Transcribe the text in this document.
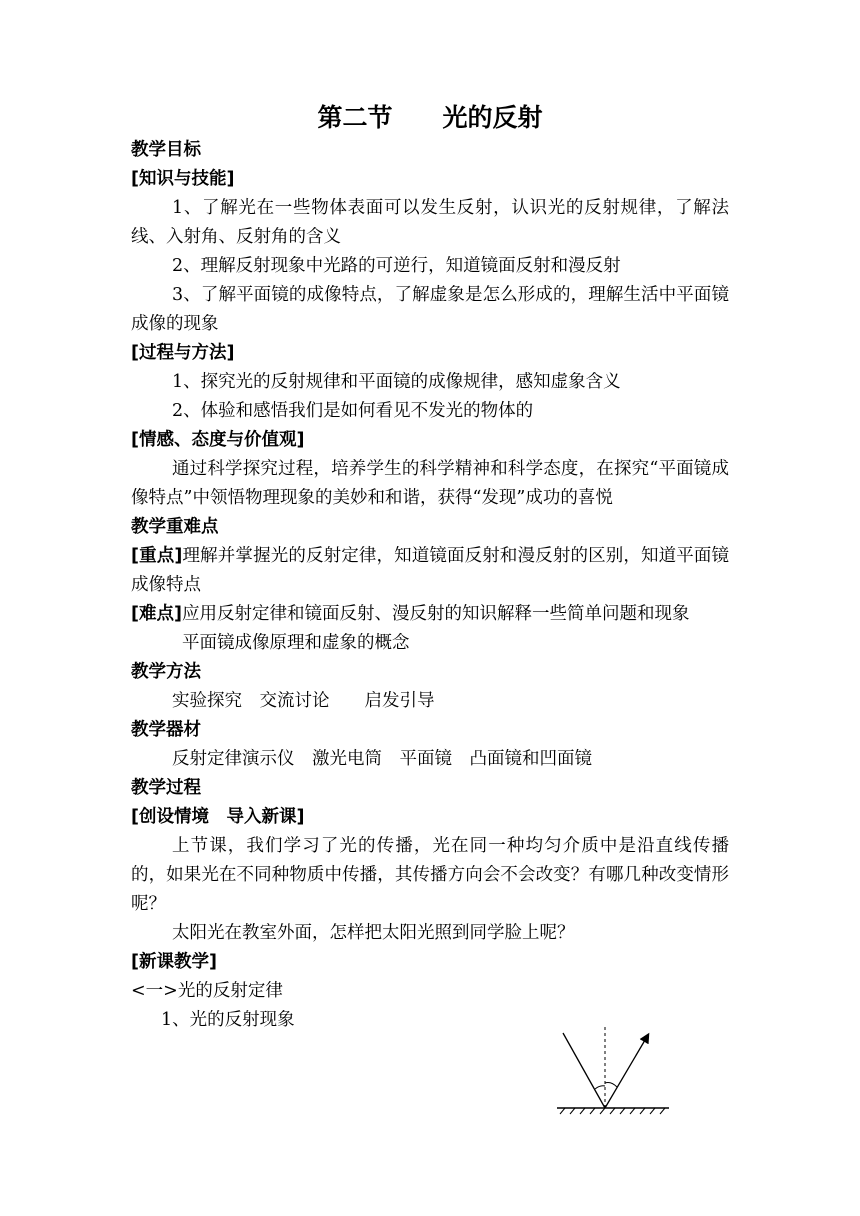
第二节　　光的反射

教学目标

[知识与技能]

1、了解光在一些物体表面可以发生反射，认识光的反射规律，了解法线、入射角、反射角的含义

2、理解反射现象中光路的可逆行，知道镜面反射和漫反射

3、了解平面镜的成像特点，了解虚象是怎么形成的，理解生活中平面镜成像的现象

[过程与方法]

1、探究光的反射规律和平面镜的成像规律，感知虚象含义

2、体验和感悟我们是如何看见不发光的物体的

[情感、态度与价值观]

通过科学探究过程，培养学生的科学精神和科学态度，在探究“平面镜成像特点”中领悟物理现象的美妙和和谐，获得“发现”成功的喜悦

教学重难点

[重点]理解并掌握光的反射定律，知道镜面反射和漫反射的区别，知道平面镜成像特点

[难点]应用反射定律和镜面反射、漫反射的知识解释一些简单问题和现象

平面镜成像原理和虚象的概念

教学方法

实验探究　交流讨论　　启发引导

教学器材

反射定律演示仪　激光电筒　平面镜　凸面镜和凹面镜

教学过程

[创设情境　导入新课]

上节课，我们学习了光的传播，光在同一种均匀介质中是沿直线传播的，如果光在不同种物质中传播，其传播方向会不会改变？有哪几种改变情形呢？

太阳光在教室外面，怎样把太阳光照到同学脸上呢？

[新课教学]

<一>光的反射定律

1、光的反射现象
